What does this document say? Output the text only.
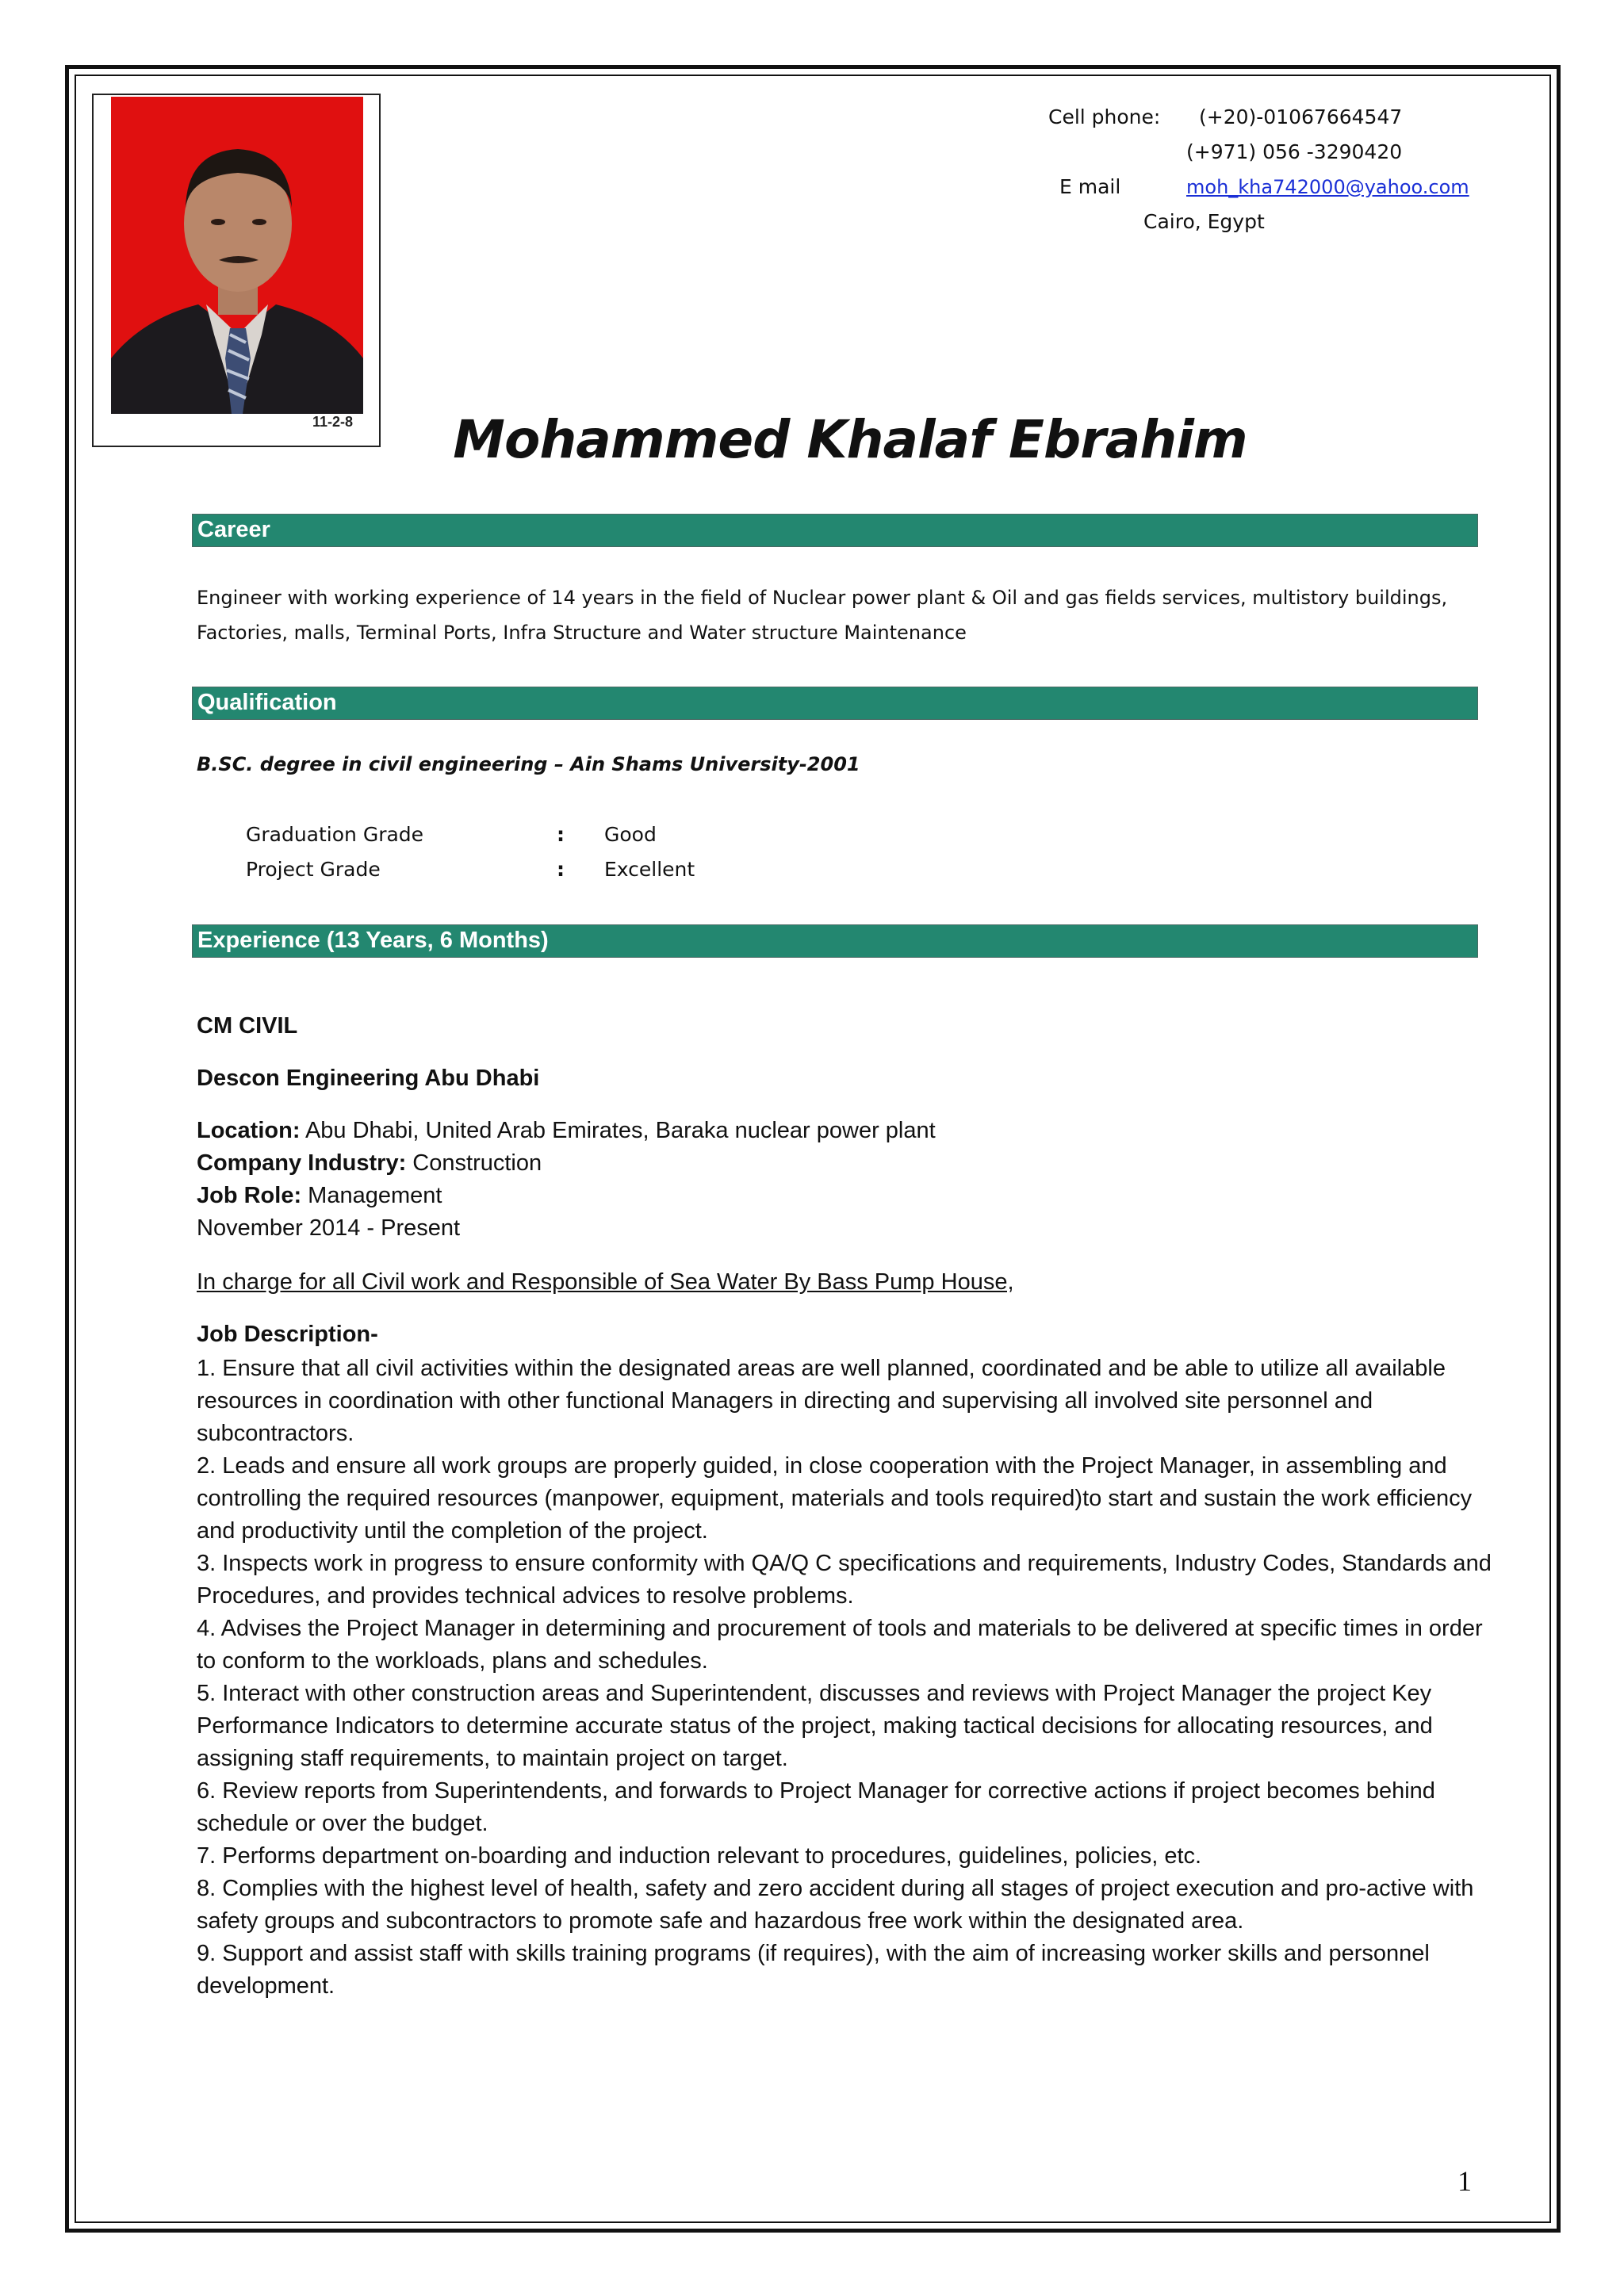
11-2-8
Cell phone: (+20)-01067664547
(+971) 056 -3290420
E mail	moh_kha742000@yahoo.com
Cairo, Egypt
Mohammed Khalaf Ebrahim
Career
Engineer with working experience of 14 years in the field of Nuclear power plant & Oil and gas fields services, multistory buildings,
Factories, malls, Terminal Ports, Infra Structure and Water structure Maintenance
Qualification
B.SC. degree in civil engineering – Ain Shams University-2001
Graduation Grade	: Good
Project Grade	: Excellent
Experience (13 Years, 6 Months)
CM CIVIL
Descon Engineering Abu Dhabi
Location: Abu Dhabi, United Arab Emirates, Baraka nuclear power plant
Company Industry: Construction
Job Role: Management
November 2014 - Present
In charge for all Civil work and Responsible of Sea Water By Bass Pump House,
Job Description-

1. Ensure that all civil activities within the designated areas are well planned, coordinated and be able to utilize all available resources in coordination with other functional Managers in directing and supervising all involved site personnel and subcontractors.

2. Leads and ensure all work groups are properly guided, in close cooperation with the Project Manager, in assembling and controlling the required resources (manpower, equipment, materials and tools required)to start and sustain the work efficiency and productivity until the completion of the project.

3. Inspects work in progress to ensure conformity with QA/Q C specifications and requirements, Industry Codes, Standards and Procedures, and provides technical advices to resolve problems.

4. Advises the Project Manager in determining and procurement of tools and materials to be delivered at specific times in order to conform to the workloads, plans and schedules.

5. Interact with other construction areas and Superintendent, discusses and reviews with Project Manager the project Key Performance Indicators to determine accurate status of the project, making tactical decisions for allocating resources, and assigning staff requirements, to maintain project on target.

6. Review reports from Superintendents, and forwards to Project Manager for corrective actions if project becomes behind schedule or over the budget.

7. Performs department on-boarding and induction relevant to procedures, guidelines, policies, etc.

8. Complies with the highest level of health, safety and zero accident during all stages of project execution and pro-active with safety groups and subcontractors to promote safe and hazardous free work within the designated area.

9. Support and assist staff with skills training programs (if requires), with the aim of increasing worker skills and personnel development.

1
